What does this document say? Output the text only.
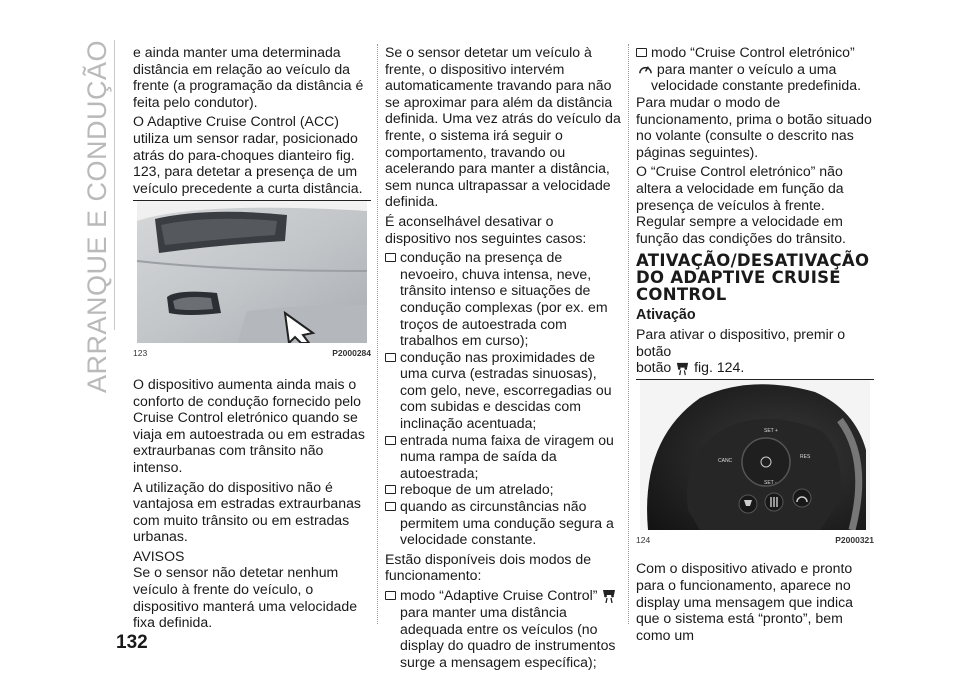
ARRANQUE E CONDUÇÃO
132

e ainda manter uma determinada distância em relação ao veículo da frente (a programação da distância é feita pelo condutor).

O Adaptive Cruise Control (ACC) utiliza um sensor radar, posicionado atrás do para-choques dianteiro fig. 123, para detetar a presença de um veículo precedente a curta distância.

123	P2000284

O dispositivo aumenta ainda mais o conforto de condução fornecido pelo Cruise Control eletrónico quando se viaja em autoestrada ou em estradas extraurbanas com trânsito não intenso.

A utilização do dispositivo não é vantajosa em estradas extraurbanas com muito trânsito ou em estradas urbanas.

AVISOS

Se o sensor não detetar nenhum veículo à frente do veículo, o dispositivo manterá uma velocidade fixa definida.

Se o sensor detetar um veículo à frente, o dispositivo intervém automaticamente travando para não se aproximar para além da distância definida. Uma vez atrás do veículo da frente, o sistema irá seguir o comportamento, travando ou acelerando para manter a distância, sem nunca ultrapassar a velocidade definida.

É aconselhável desativar o dispositivo nos seguintes casos:

condução na presença de nevoeiro, chuva intensa, neve, trânsito intenso e situações de condução complexas (por ex. em troços de autoestrada com trabalhos em curso);
condução nas proximidades de uma curva (estradas sinuosas), com gelo, neve, escorregadias ou com subidas e descidas com inclinação acentuada;
entrada numa faixa de viragem ou numa rampa de saída da autoestrada;
reboque de um atrelado;
quando as circunstâncias não permitem uma condução segura a velocidade constante.

Estão disponíveis dois modos de funcionamento:

modo “Adaptive Cruise Control”  para manter uma distância adequada entre os veículos (no display do quadro de instrumentos surge a mensagem específica);
modo “Cruise Control eletrónico”
para manter o veículo a uma velocidade constante predefinida.

Para mudar o modo de funcionamento, prima o botão situado no volante (consulte o descrito nas páginas seguintes).

O “Cruise Control eletrónico” não altera a velocidade em função da presença de veículos à frente. Regular sempre a velocidade em função das condições do trânsito.

ATIVAÇÃO/DESATIVAÇÃO DO ADAPTIVE CRUISE CONTROL
Ativação

Para ativar o dispositivo, premir o botão
botão fig. 124.

SET +
CANC
RES
SET -
124	P2000321

Com o dispositivo ativado e pronto para o funcionamento, aparece no display uma mensagem que indica que o sistema está “pronto”, bem como um
